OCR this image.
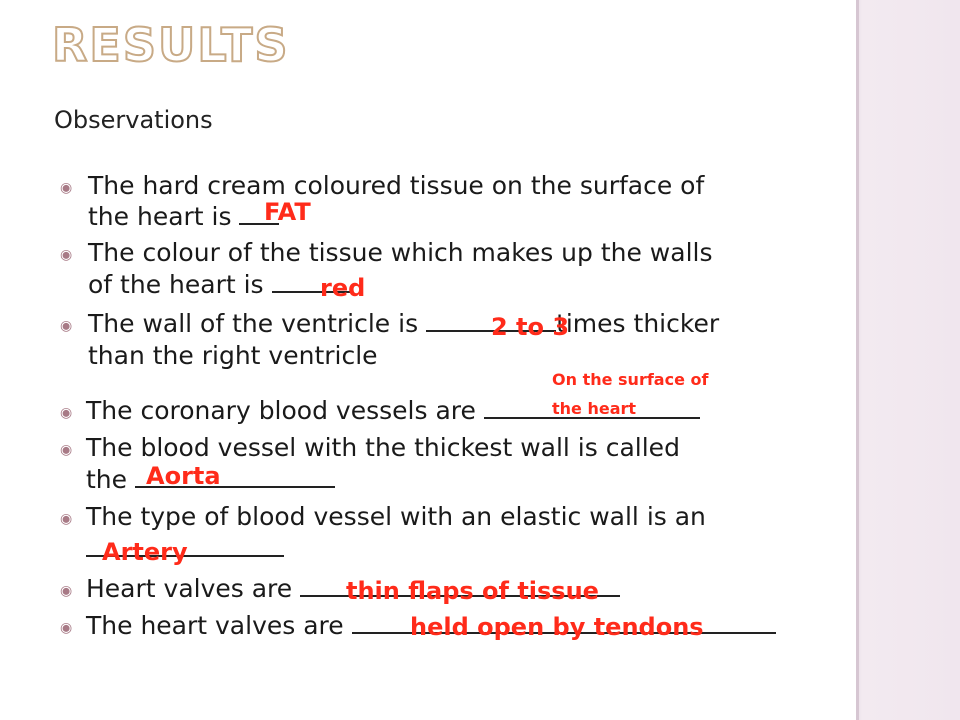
RESULTS
Observations
◉ The hard cream coloured tissue on the surface of
the heart is	FAT
◉ The colour of the tissue which makes up the walls
of the heart is	red
◉ The wall of the ventricle is	times thicker
than the right ventricle
2 to 3
◉ The coronary blood vessels are
On the surface of
the heart
◉ The blood vessel with the thickest wall is called
the Aorta
◉ The type of blood vessel with an elastic wall is an
Artery
◉ Heart valves are	thin flaps of tissue
◉ The heart valves are	held open by tendons
